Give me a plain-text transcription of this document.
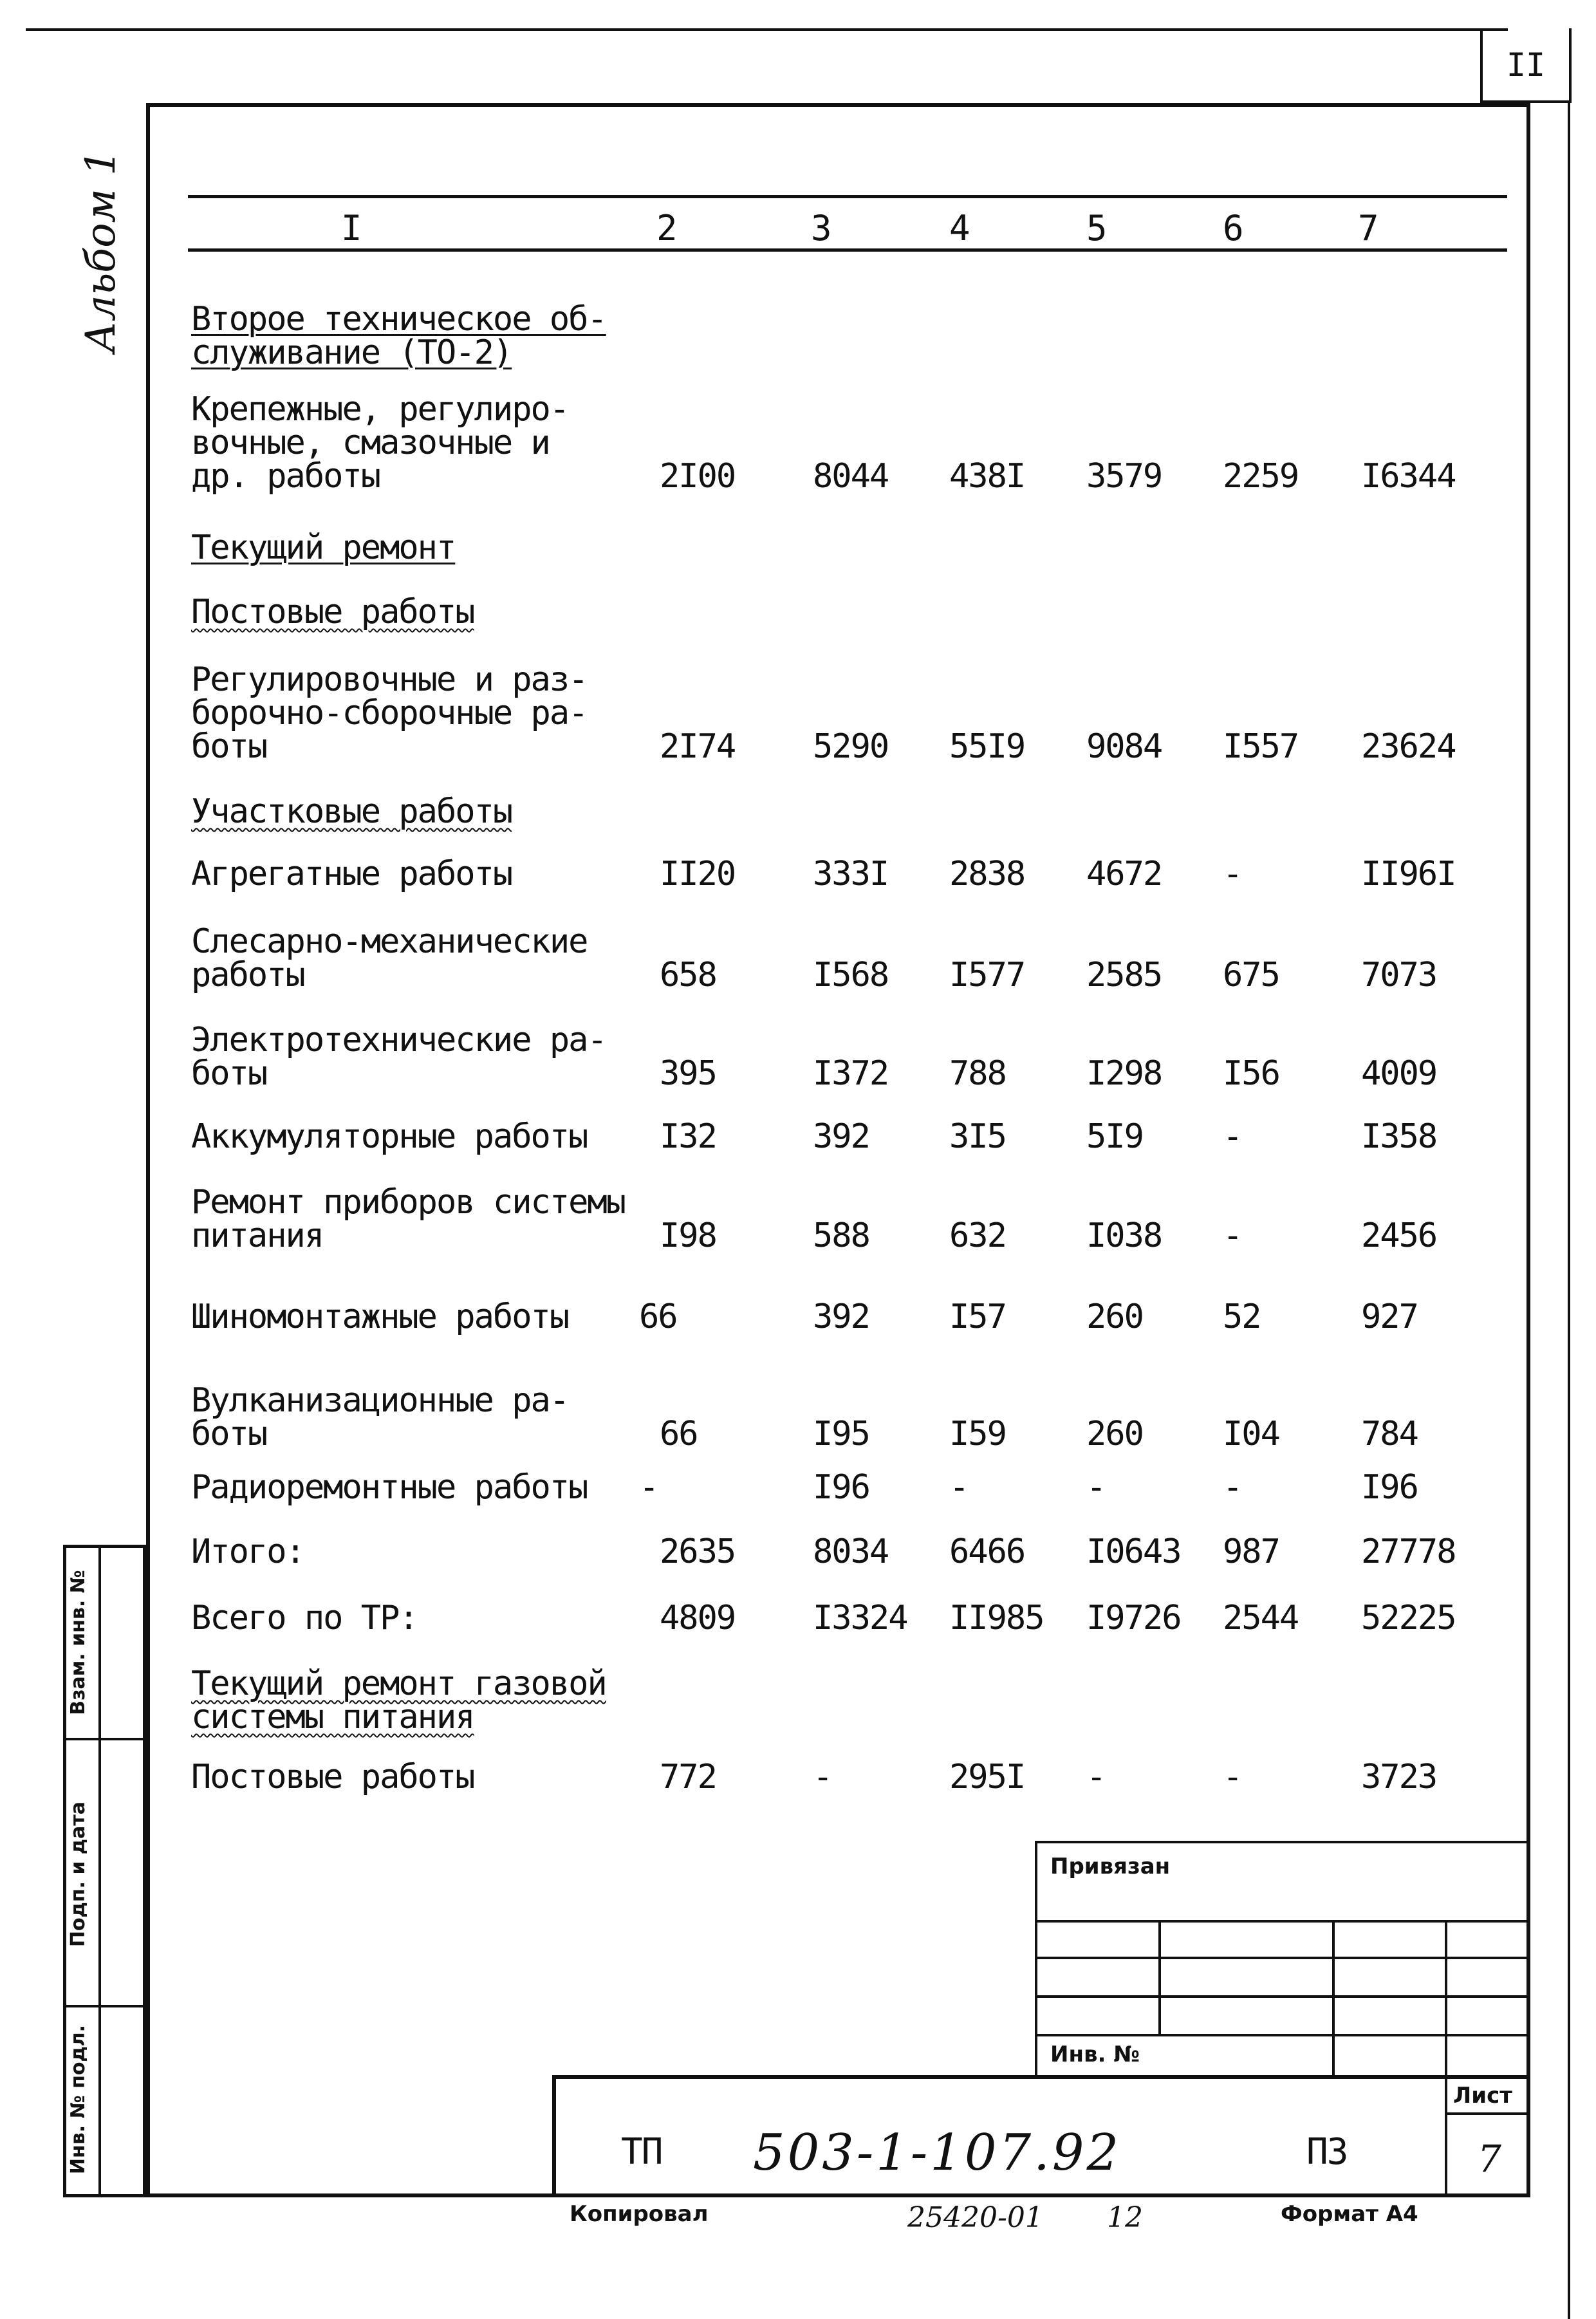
II
Альбом 1
Взам. инв. №
Подп. и дата
Инв. № подл.
I	2	3	4	5	6	7
Второе техническое об-
служивание (ТО-2)
Крепежные, регулиро-
вочные, смазочные и
др. работы	2I00 8044 438I 3579 2259 I6344
Текущий ремонт
Постовые работы
Регулировочные и раз-
борочно-сборочные ра-
боты	2I74 5290 55I9 9084 I557 23624
Участковые работы
Агрегатные работы	II20 333I 2838 4672 -	II96I
Слесарно-механические
работы	658	I568 I577 2585 675 7073
Электротехнические ра-
боты	395	I372 788 I298 I56 4009
Аккумуляторные работы I32	392 3I5 5I9 -	I358
Ремонт приборов системы
питания	I98	588 632 I038 -	2456
Шиномонтажные работы 66	392 I57 260 52	927
Вулканизационные ра-
боты	66	I95 I59 260 I04 784
Радиоремонтные работы -	I96 -	-	-	I96
Итого:	2635 8034 6466 I0643 987 27778
Всего по ТР:	4809 I3324 II985 I9726 2544 52225
Текущий ремонт газовой
системы питания
Постовые работы	772	-	295I -	-	3723
Привязан
Инв. №
Лист
7
ТП 503-1-107.92	ПЗ
Копировал	25420-01 12	Формат А4
